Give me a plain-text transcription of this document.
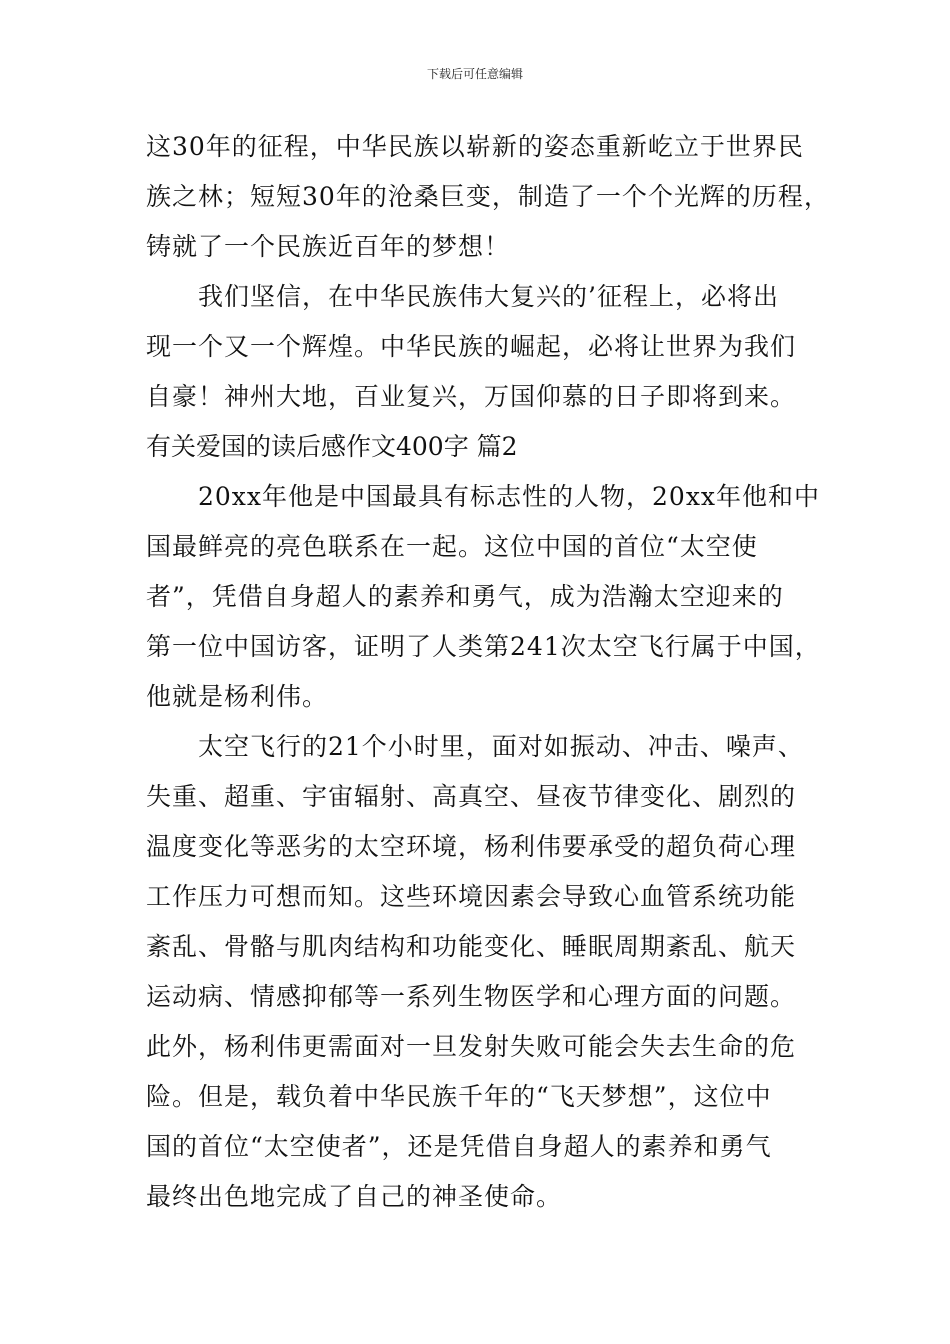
下载后可任意编辑
这30年的征程，中华民族以崭新的姿态重新屹立于世界民
族之林；短短30年的沧桑巨变，制造了一个个光辉的历程，
铸就了一个民族近百年的梦想！
我们坚信，在中华民族伟大复兴的’征程上，必将出
现一个又一个辉煌。中华民族的崛起，必将让世界为我们
自豪！神州大地，百业复兴，万国仰慕的日子即将到来。
有关爱国的读后感作文400字 篇2
20xx年他是中国最具有标志性的人物，20xx年他和中
国最鲜亮的亮色联系在一起。这位中国的首位“太空使
者”，凭借自身超人的素养和勇气，成为浩瀚太空迎来的
第一位中国访客，证明了人类第241次太空飞行属于中国，
他就是杨利伟。
太空飞行的21个小时里，面对如振动、冲击、噪声、
失重、超重、宇宙辐射、高真空、昼夜节律变化、剧烈的
温度变化等恶劣的太空环境，杨利伟要承受的超负荷心理
工作压力可想而知。这些环境因素会导致心血管系统功能
紊乱、骨骼与肌肉结构和功能变化、睡眠周期紊乱、航天
运动病、情感抑郁等一系列生物医学和心理方面的问题。
此外，杨利伟更需面对一旦发射失败可能会失去生命的危
险。但是，载负着中华民族千年的“飞天梦想”，这位中
国的首位“太空使者”，还是凭借自身超人的素养和勇气
最终出色地完成了自己的神圣使命。
